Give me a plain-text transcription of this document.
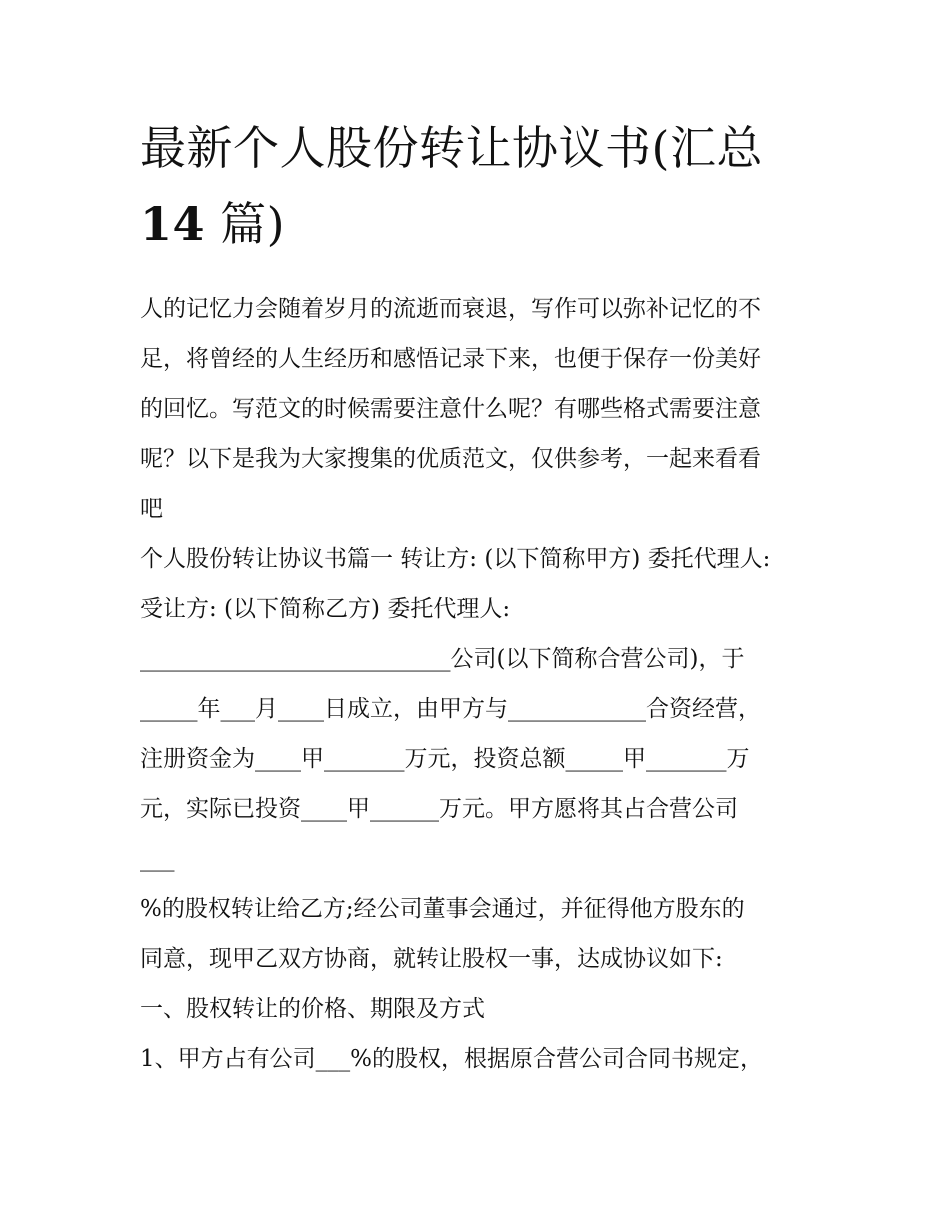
最新个人股份转让协议书(汇总
14 篇)

人的记忆力会随着岁月的流逝而衰退，写作可以弥补记忆的不
足，将曾经的人生经历和感悟记录下来，也便于保存一份美好
的回忆。写范文的时候需要注意什么呢？有哪些格式需要注意
呢？以下是我为大家搜集的优质范文，仅供参考，一起来看看
吧

个人股份转让协议书篇一 转让方: (以下简称甲方) 委托代理人:
受让方: (以下简称乙方) 委托代理人:
___________________________公司(以下简称合营公司)，于
_____年___月____日成立，由甲方与____________合资经营，
注册资金为____甲_______万元，投资总额_____甲_______万
元，实际已投资____甲______万元。甲方愿将其占合营公司
___
%的股权转让给乙方;经公司董事会通过，并征得他方股东的
同意，现甲乙双方协商，就转让股权一事，达成协议如下:
一、股权转让的价格、期限及方式
1、甲方占有公司___%的股权，根据原合营公司合同书规定，
